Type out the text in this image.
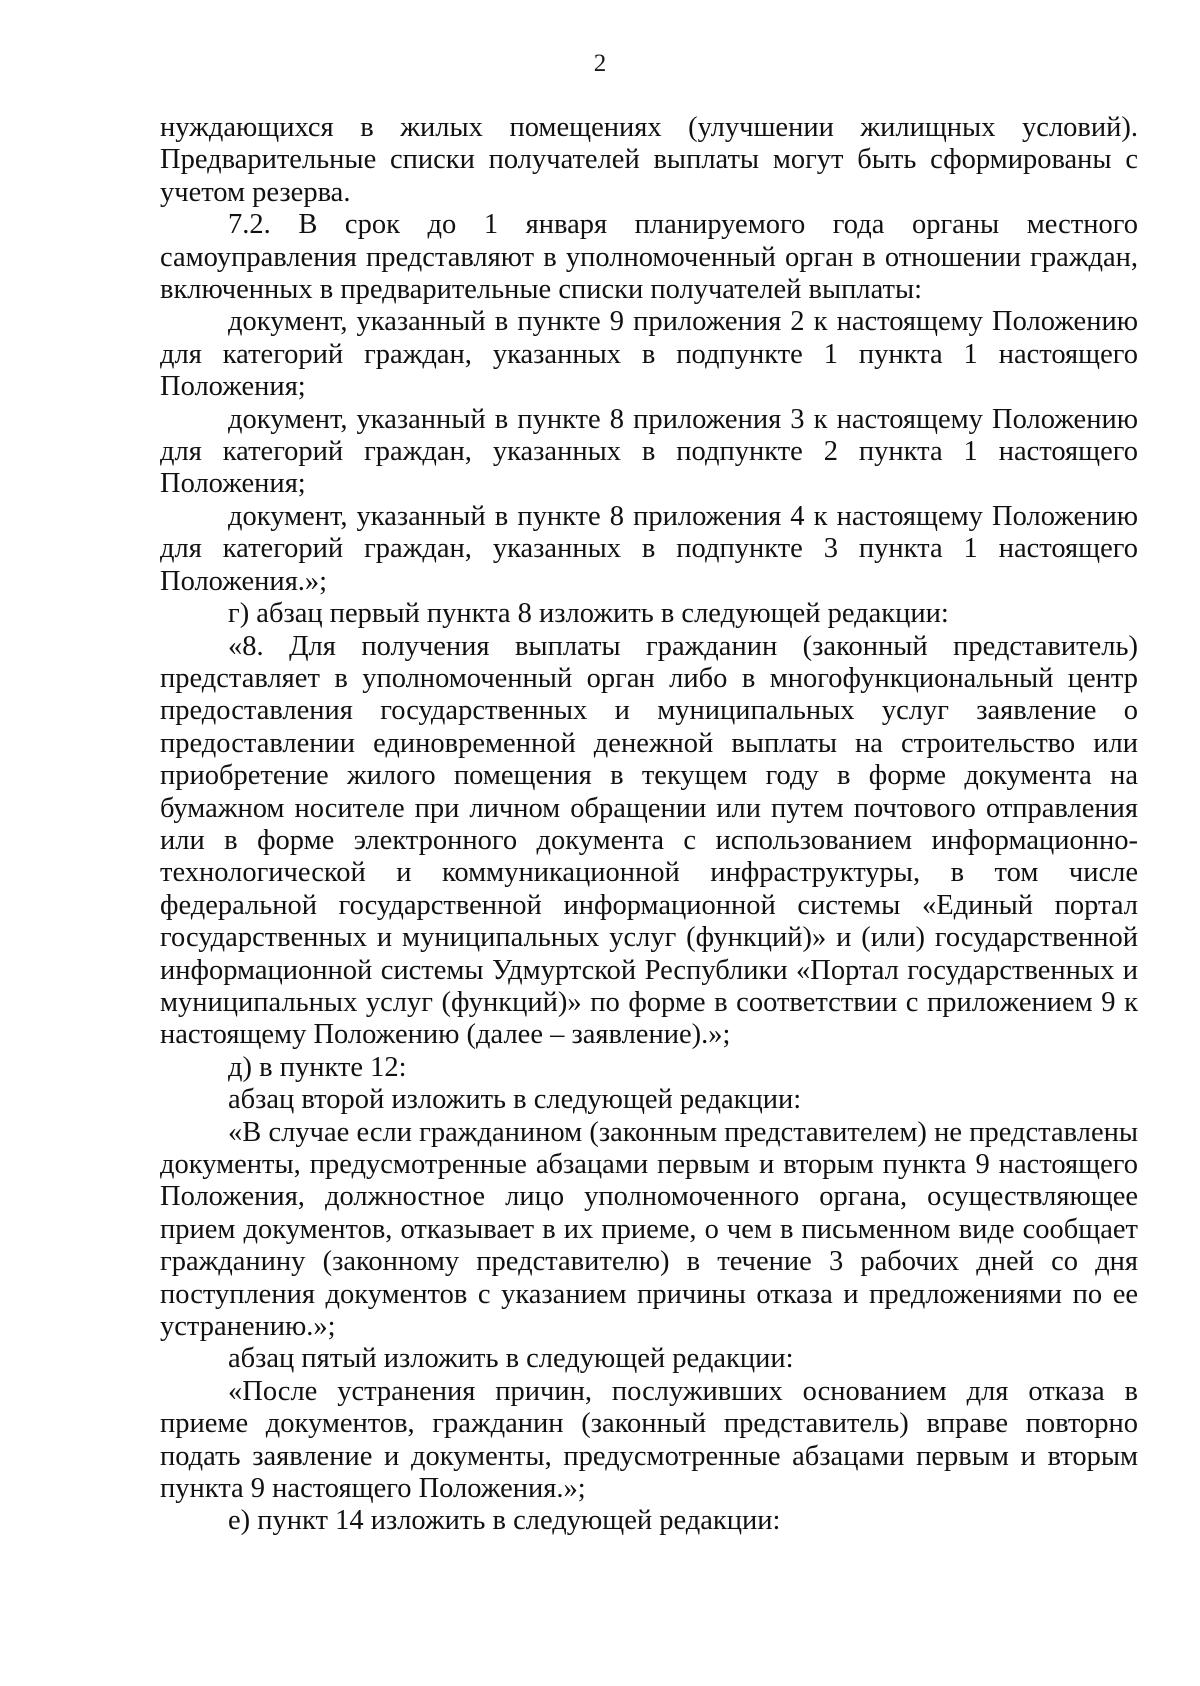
2

нуждающихся в жилых помещениях (улучшении жилищных условий). Предварительные списки получателей выплаты могут быть сформированы с учетом резерва.

7.2. В срок до 1 января планируемого года органы местного самоуправления представляют в уполномоченный орган в отношении граждан, включенных в предварительные списки получателей выплаты:

документ, указанный в пункте 9 приложения 2 к настоящему Положению для категорий граждан, указанных в подпункте 1 пункта 1 настоящего Положения;

документ, указанный в пункте 8 приложения 3 к настоящему Положению для категорий граждан, указанных в подпункте 2 пункта 1 настоящего Положения;

документ, указанный в пункте 8 приложения 4 к настоящему Положению для категорий граждан, указанных в подпункте 3 пункта 1 настоящего Положения.»;

г) абзац первый пункта 8 изложить в следующей редакции:

«8. Для получения выплаты гражданин (законный представитель) представляет в уполномоченный орган либо в многофункциональный центр предоставления государственных и муниципальных услуг заявление о предоставлении единовременной денежной выплаты на строительство или приобретение жилого помещения в текущем году в форме документа на бумажном носителе при личном обращении или путем почтового отправления или в форме электронного документа с использованием информационно-технологической и коммуникационной инфраструктуры, в том числе федеральной государственной информационной системы «Единый портал государственных и муниципальных услуг (функций)» и (или) государственной информационной системы Удмуртской Республики «Портал государственных и муниципальных услуг (функций)» по форме в соответствии с приложением 9 к настоящему Положению (далее – заявление).»;

д) в пункте 12:

абзац второй изложить в следующей редакции:

«В случае если гражданином (законным представителем) не представлены документы, предусмотренные абзацами первым и вторым пункта 9 настоящего Положения, должностное лицо уполномоченного органа, осуществляющее прием документов, отказывает в их приеме, о чем в письменном виде сообщает гражданину (законному представителю) в течение 3 рабочих дней со дня поступления документов с указанием причины отказа и предложениями по ее устранению.»;

абзац пятый изложить в следующей редакции:

«После устранения причин, послуживших основанием для отказа в приеме документов, гражданин (законный представитель) вправе повторно подать заявление и документы, предусмотренные абзацами первым и вторым пункта 9 настоящего Положения.»;

е) пункт 14 изложить в следующей редакции:
